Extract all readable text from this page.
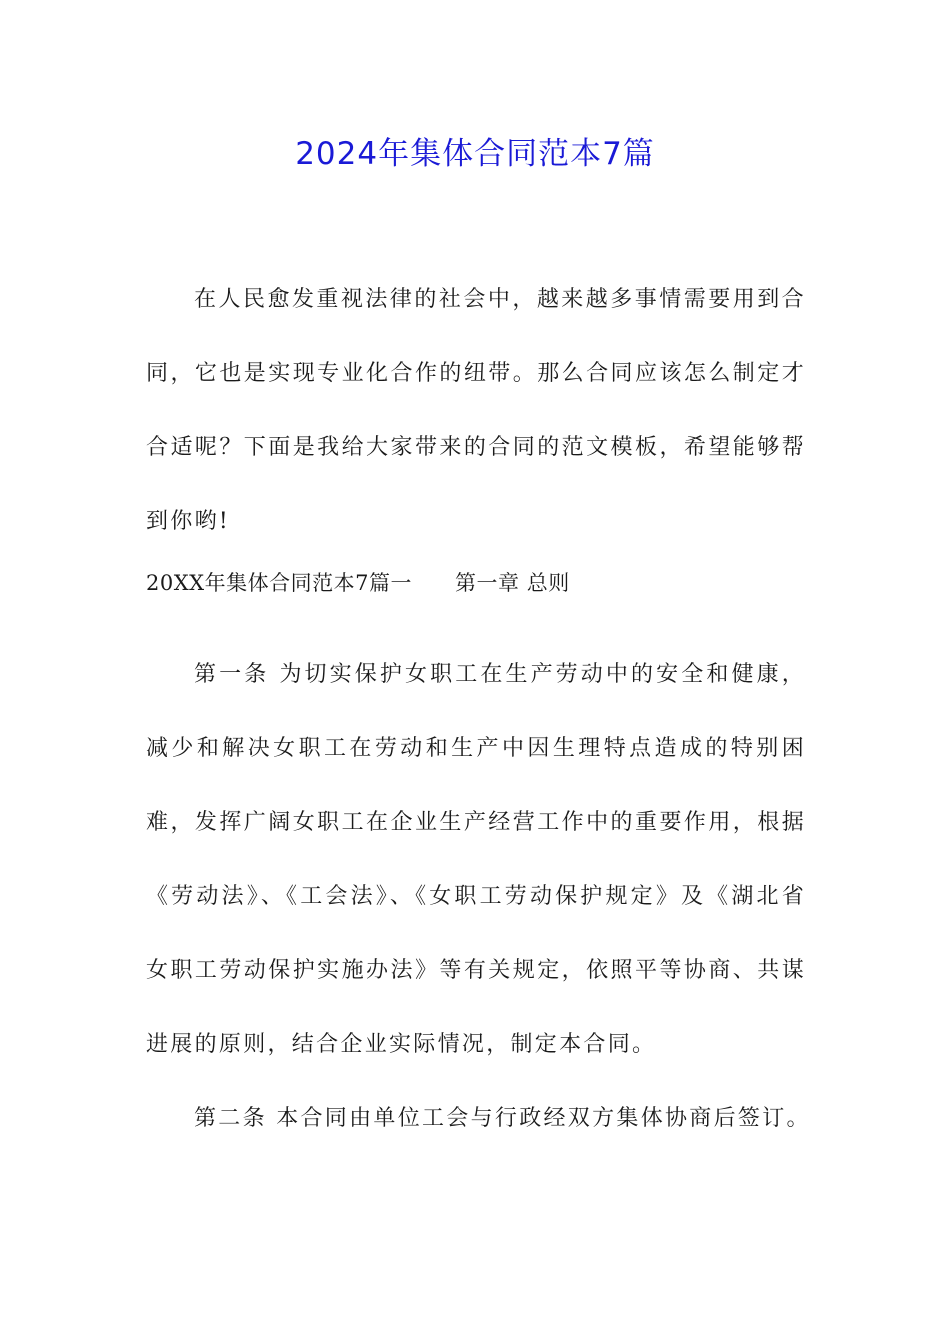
2024年集体合同范本7篇
在人民愈发重视法律的社会中，越来越多事情需要用到合同，它也是实现专业化合作的纽带。那么合同应该怎么制定才合适呢？下面是我给大家带来的合同的范文模板，希望能够帮到你哟!
20XX年集体合同范本7篇一      第一章 总则
第一条 为切实保护女职工在生产劳动中的安全和健康，减少和解决女职工在劳动和生产中因生理特点造成的特别困难，发挥广阔女职工在企业生产经营工作中的重要作用，根据《劳动法》、《工会法》、《女职工劳动保护规定》及《湖北省女职工劳动保护实施办法》等有关规定，依照平等协商、共谋进展的原则，结合企业实际情况，制定本合同。
第二条 本合同由单位工会与行政经双方集体协商后签订。
